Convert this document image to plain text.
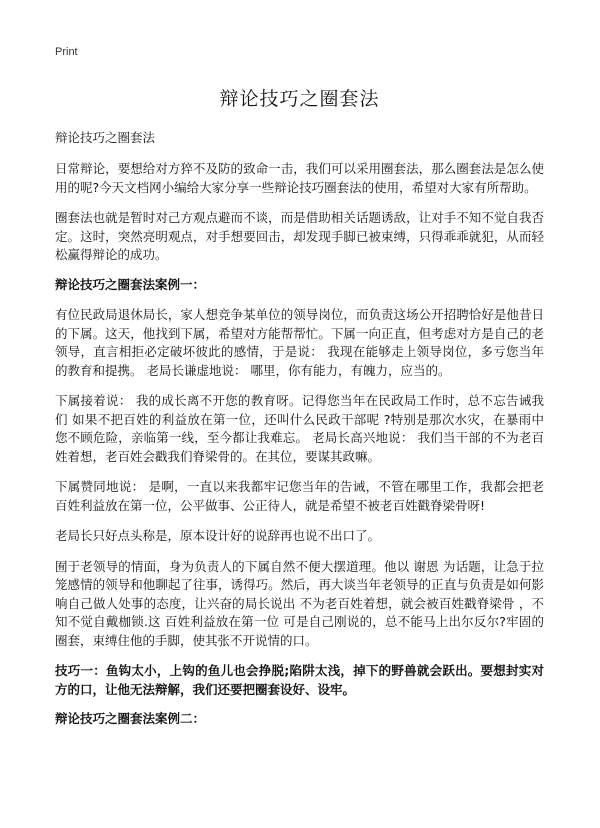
Print
辩论技巧之圈套法
辩论技巧之圈套法

日常辩论，要想给对方猝不及防的致命一击，我们可以采用圈套法，那么圈套法是怎么使用的呢?今天文档网小编给大家分享一些辩论技巧圈套法的使用，希望对大家有所帮助。

圈套法也就是暂时对己方观点避而不谈，而是借助相关话题诱敌，让对手不知不觉自我否定。这时，突然亮明观点，对手想要回击，却发现手脚已被束缚，只得乖乖就犯，从而轻松赢得辩论的成功。

辩论技巧之圈套法案例一：

有位民政局退休局长，家人想竞争某单位的领导岗位，而负责这场公开招聘恰好是他昔日的下属。这天，他找到下属，希望对方能帮帮忙。下属一向正直，但考虑对方是自己的老领导，直言相拒必定破坏彼此的感情，于是说： 我现在能够走上领导岗位，多亏您当年的教育和提携。 老局长谦虚地说： 哪里，你有能力，有魄力，应当的。

下属接着说： 我的成长离不开您的教育呀。记得您当年在民政局工作时，总不忘告诫我们 如果不把百姓的利益放在第一位，还叫什么民政干部呢 ?特别是那次水灾，在暴雨中您不顾危险，亲临第一线，至今都让我难忘。 老局长高兴地说： 我们当干部的不为老百姓着想，老百姓会戳我们脊梁骨的。在其位，要谋其政嘛。

下属赞同地说： 是啊，一直以来我都牢记您当年的告诫，不管在哪里工作，我都会把老百姓利益放在第一位，公平做事、公正待人，就是希望不被老百姓戳脊梁骨呀!

老局长只好点头称是，原本设计好的说辞再也说不出口了。

囿于老领导的情面，身为负责人的下属自然不便大摆道理。他以 谢恩 为话题，让急于拉笼感情的领导和他聊起了往事，诱得巧。然后，再大谈当年老领导的正直与负责是如何影响自己做人处事的态度，让兴奋的局长说出 不为老百姓着想，就会被百姓戳脊梁骨 ，不知不觉自戴枷锁.这 百姓利益放在第一位 可是自己刚说的，总不能马上出尔反尔?牢固的圈套，束缚住他的手脚，使其张不开说情的口。

技巧一：鱼钩太小，上钩的鱼儿也会挣脱;陷阱太浅，掉下的野兽就会跃出。要想封实对方的口，让他无法辩解，我们还要把圈套设好、设牢。

辩论技巧之圈套法案例二：
